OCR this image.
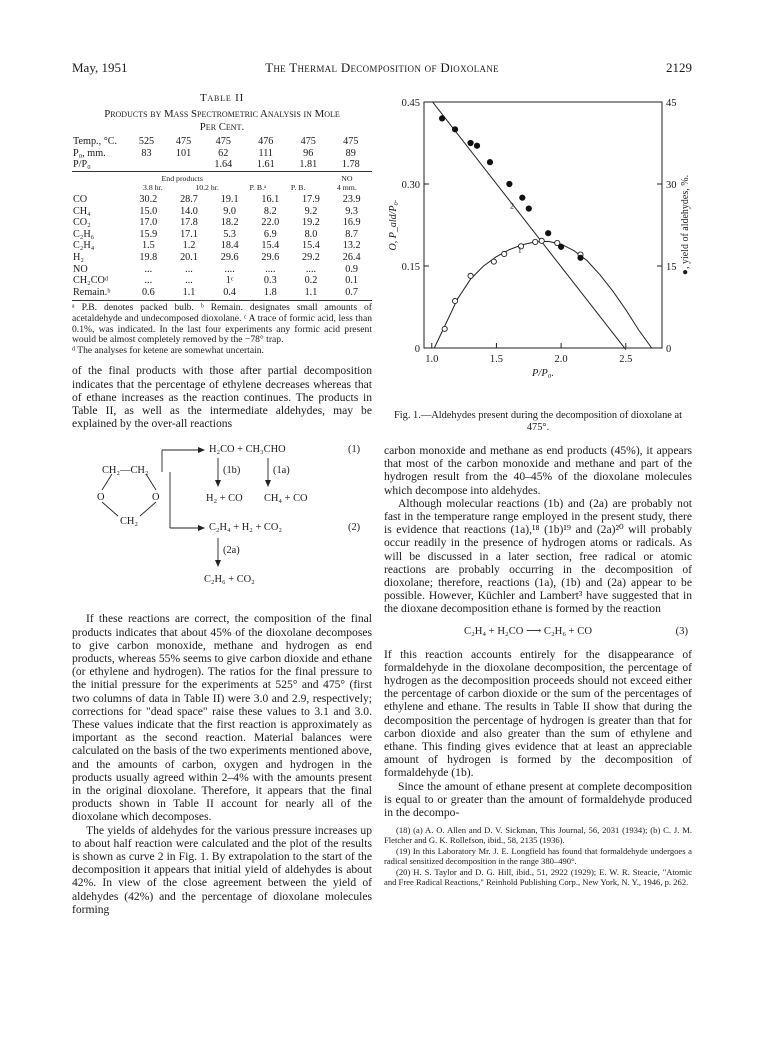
May, 1951	The Thermal Decomposition of Dioxolane	2129
Table II
Products by Mass Spectrometric Analysis in Mole
Per Cent.
Temp., °C.	525	475	475	476	475	475
P₀, mm.	83	101	62	111	96	89
P/P₀			1.64	1.61	1.81	1.78
	End products					NO
	3.8 hr.	10.2 hr.	P. B.ᵃ	P. B.		4 mm.
CO	30.2	28.7	19.1	16.1	17.9	23.9
CH₄	15.0	14.0	9.0	8.2	9.2	9.3
CO₂	17.0	17.8	18.2	22.0	19.2	16.9
C₂H₆	15.9	17.1	5.3	6.9	8.0	8.7
C₂H₄	1.5	1.2	18.4	15.4	15.4	13.2
H₂	19.8	20.1	29.6	29.6	29.2	26.4
NO	...	...	....	....	....	0.9
CH₂COᵈ	...	...	1ᶜ	0.3	0.2	0.1
Remain.ᵇ	0.6	1.1	0.4	1.8	1.1	0.7
ᵃ P.B. denotes packed bulb. ᵇ Remain. designates small amounts of acetaldehyde and undecomposed dioxolane. ᶜ A trace of formic acid, less than 0.1%, was indicated. In the last four experiments any formic acid present would be almost completely removed by the −78° trap.
ᵈ The analyses for ketene are somewhat uncertain.

of the final products with those after partial decomposition indicates that the percentage of ethylene decreases whereas that of ethane increases as the reaction continues. The products in Table II, as well as the intermediate aldehydes, may be explained by the over-all reactions

CH₂—CH₂
O	O
CH₂
H₂CO + CH₃CHO	(1)
(1b)	(1a)
H₂ + CO CH₄ + CO
C₂H₄ + H₂ + CO₂	(2)
(2a)
C₂H₆ + CO₂

If these reactions are correct, the composition of the final products indicates that about 45% of the dioxolane decomposes to give carbon monoxide, methane and hydrogen as end products, whereas 55% seems to give carbon dioxide and ethane (or ethylene and hydrogen). The ratios for the final pressure to the initial pressure for the experiments at 525° and 475° (first two columns of data in Table II) were 3.0 and 2.9, respectively; corrections for "dead space" raise these values to 3.1 and 3.0. These values indicate that the first reaction is approximately as important as the second reaction. Material balances were calculated on the basis of the two experiments mentioned above, and the amounts of carbon, oxygen and hydrogen in the products usually agreed within 2–4% with the amounts present in the original dioxolane. Therefore, it appears that the final products shown in Table II account for nearly all of the dioxolane which decomposes.

The yields of aldehydes for the various pressure increases up to about half reaction were calculated and the plot of the results is shown as curve 2 in Fig. 1. By extrapolation to the start of the decomposition it appears that initial yield of aldehydes is about 42%. In view of the close agreement between the yield of aldehydes (42%) and the percentage of dioxolane molecules forming

0	0
0.15	15
0.30	30
0.45	45
1.0	1.5	2.0	2.5
P/P₀.
O, P_ald/P₀.	●, yield of aldehydes, %.
1
2
Fig. 1.—Aldehydes present during the decomposition of dioxolane at 475°.

carbon monoxide and methane as end products (45%), it appears that most of the carbon monoxide and methane and part of the hydrogen result from the 40–45% of the dioxolane molecules which decompose into aldehydes.

Although molecular reactions (1b) and (2a) are probably not fast in the temperature range employed in the present study, there is evidence that reactions (1a),¹⁸ (1b)¹⁹ and (2a)²⁰ will probably occur readily in the presence of hydrogen atoms or radicals. As will be discussed in a later section, free radical or atomic reactions are probably occurring in the decomposition of dioxolane; therefore, reactions (1a), (1b) and (2a) appear to be possible. However, Küchler and Lambert³ have suggested that in the dioxane decomposition ethane is formed by the reaction

C₂H₄ + H₂CO ⟶ C₂H₆ + CO	(3)

If this reaction accounts entirely for the disappearance of formaldehyde in the dioxolane decomposition, the percentage of hydrogen as the decomposition proceeds should not exceed either the percentage of carbon dioxide or the sum of the percentages of ethylene and ethane. The results in Table II show that during the decomposition the percentage of hydrogen is greater than that for carbon dioxide and also greater than the sum of ethylene and ethane. This finding gives evidence that at least an appreciable amount of hydrogen is formed by the decomposition of formaldehyde (1b).

Since the amount of ethane present at complete decomposition is equal to or greater than the amount of formaldehyde produced in the decompo-

(18) (a) A. O. Allen and D. V. Sickman, This Journal, 56, 2031 (1934); (b) C. J. M. Fletcher and G. K. Rollefson, ibid., 58, 2135 (1936).

(19) In this Laboratory Mr. J. E. Longfield has found that formaldehyde undergoes a radical sensitized decomposition in the range 380–490°.

(20) H. S. Taylor and D. G. Hill, ibid., 51, 2922 (1929); E. W. R. Steacie, "Atomic and Free Radical Reactions," Reinhold Publishing Corp., New York, N. Y., 1946, p. 262.
